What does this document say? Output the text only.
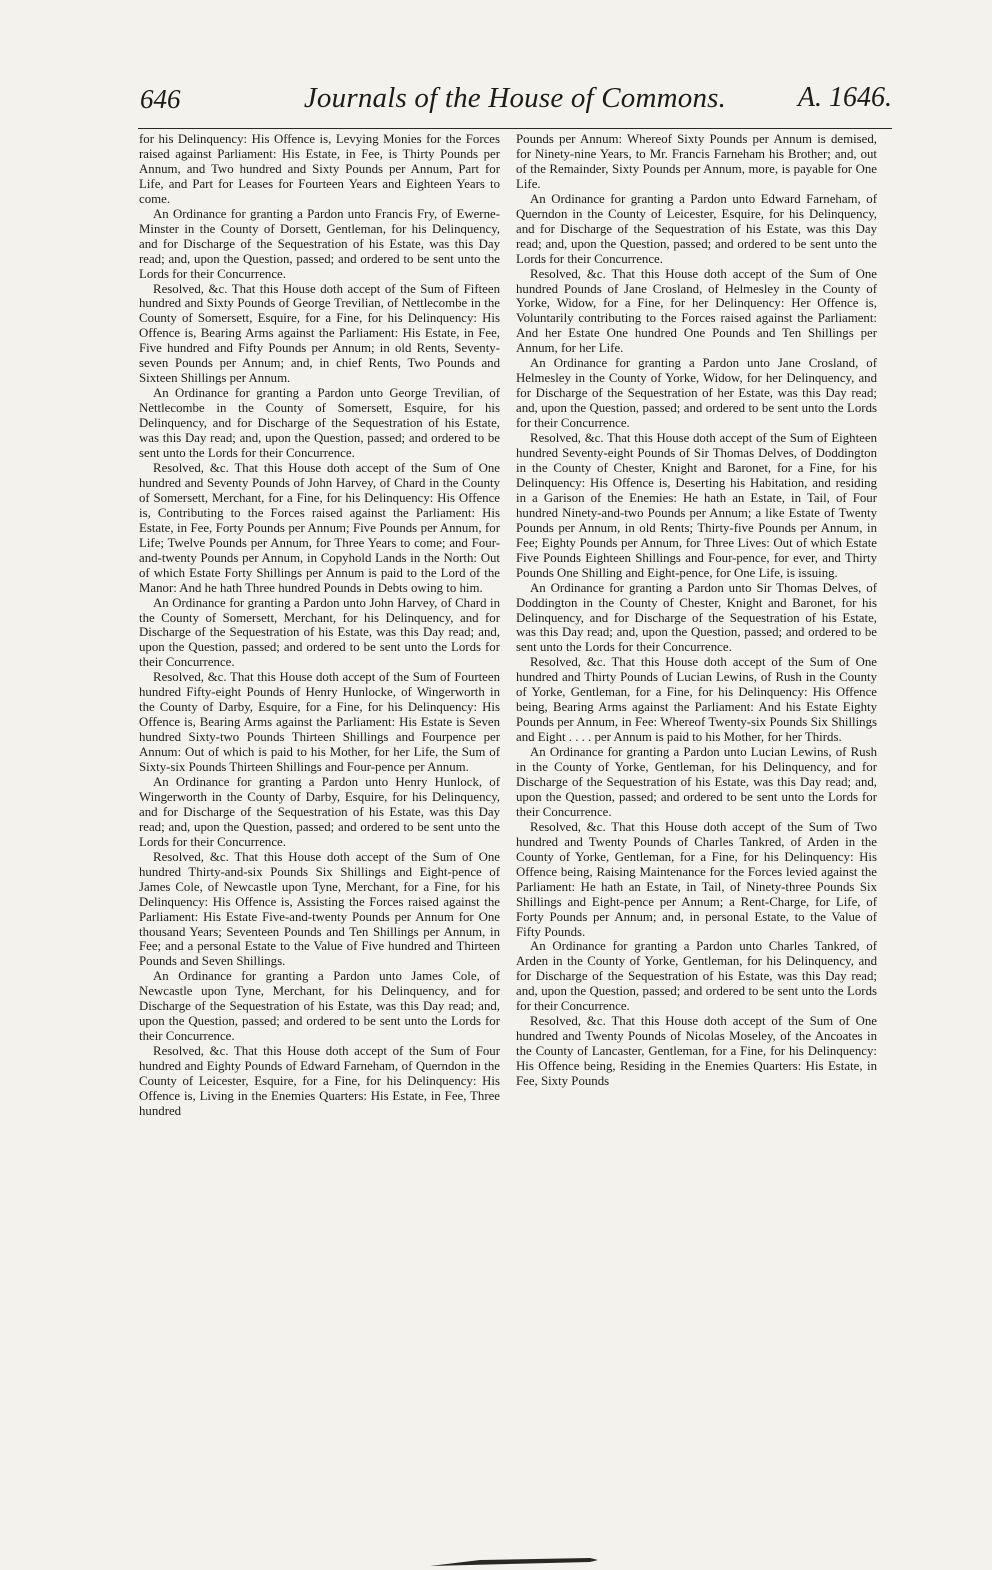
646	Journals of the House of Commons.	A. 1646.

for his Delinquency: His Offence is, Levying Monies for the Forces raised against Parliament: His Estate, in Fee, is Thirty Pounds per Annum, and Two hundred and Sixty Pounds per Annum, Part for Life, and Part for Leases for Fourteen Years and Eighteen Years to come.

An Ordinance for granting a Pardon unto Francis Fry, of Ewerne-Minster in the County of Dorsett, Gentleman, for his Delinquency, and for Discharge of the Sequestration of his Estate, was this Day read; and, upon the Question, passed; and ordered to be sent unto the Lords for their Concurrence.

Resolved, &c. That this House doth accept of the Sum of Fifteen hundred and Sixty Pounds of George Trevilian, of Nettlecombe in the County of Somersett, Esquire, for a Fine, for his Delinquency: His Offence is, Bearing Arms against the Parliament: His Estate, in Fee, Five hundred and Fifty Pounds per Annum; in old Rents, Seventy-seven Pounds per Annum; and, in chief Rents, Two Pounds and Sixteen Shillings per Annum.

An Ordinance for granting a Pardon unto George Trevilian, of Nettlecombe in the County of Somersett, Esquire, for his Delinquency, and for Discharge of the Sequestration of his Estate, was this Day read; and, upon the Question, passed; and ordered to be sent unto the Lords for their Concurrence.

Resolved, &c. That this House doth accept of the Sum of One hundred and Seventy Pounds of John Harvey, of Chard in the County of Somersett, Merchant, for a Fine, for his Delinquency: His Offence is, Contributing to the Forces raised against the Parliament: His Estate, in Fee, Forty Pounds per Annum; Five Pounds per Annum, for Life; Twelve Pounds per Annum, for Three Years to come; and Four-and-twenty Pounds per Annum, in Copyhold Lands in the North: Out of which Estate Forty Shillings per Annum is paid to the Lord of the Manor: And he hath Three hundred Pounds in Debts owing to him.

An Ordinance for granting a Pardon unto John Harvey, of Chard in the County of Somersett, Merchant, for his Delinquency, and for Discharge of the Sequestration of his Estate, was this Day read; and, upon the Question, passed; and ordered to be sent unto the Lords for their Concurrence.

Resolved, &c. That this House doth accept of the Sum of Fourteen hundred Fifty-eight Pounds of Henry Hunlocke, of Wingerworth in the County of Darby, Esquire, for a Fine, for his Delinquency: His Offence is, Bearing Arms against the Parliament: His Estate is Seven hundred Sixty-two Pounds Thirteen Shillings and Fourpence per Annum: Out of which is paid to his Mother, for her Life, the Sum of Sixty-six Pounds Thirteen Shillings and Four-pence per Annum.

An Ordinance for granting a Pardon unto Henry Hunlock, of Wingerworth in the County of Darby, Esquire, for his Delinquency, and for Discharge of the Sequestration of his Estate, was this Day read; and, upon the Question, passed; and ordered to be sent unto the Lords for their Concurrence.

Resolved, &c. That this House doth accept of the Sum of One hundred Thirty-and-six Pounds Six Shillings and Eight-pence of James Cole, of Newcastle upon Tyne, Merchant, for a Fine, for his Delinquency: His Offence is, Assisting the Forces raised against the Parliament: His Estate Five-and-twenty Pounds per Annum for One thousand Years; Seventeen Pounds and Ten Shillings per Annum, in Fee; and a personal Estate to the Value of Five hundred and Thirteen Pounds and Seven Shillings.

An Ordinance for granting a Pardon unto James Cole, of Newcastle upon Tyne, Merchant, for his Delinquency, and for Discharge of the Sequestration of his Estate, was this Day read; and, upon the Question, passed; and ordered to be sent unto the Lords for their Concurrence.

Resolved, &c. That this House doth accept of the Sum of Four hundred and Eighty Pounds of Edward Farneham, of Querndon in the County of Leicester, Esquire, for a Fine, for his Delinquency: His Offence is, Living in the Enemies Quarters: His Estate, in Fee, Three hundred

Pounds per Annum: Whereof Sixty Pounds per Annum is demised, for Ninety-nine Years, to Mr. Francis Farneham his Brother; and, out of the Remainder, Sixty Pounds per Annum, more, is payable for One Life.

An Ordinance for granting a Pardon unto Edward Farneham, of Querndon in the County of Leicester, Esquire, for his Delinquency, and for Discharge of the Sequestration of his Estate, was this Day read; and, upon the Question, passed; and ordered to be sent unto the Lords for their Concurrence.

Resolved, &c. That this House doth accept of the Sum of One hundred Pounds of Jane Crosland, of Helmesley in the County of Yorke, Widow, for a Fine, for her Delinquency: Her Offence is, Voluntarily contributing to the Forces raised against the Parliament: And her Estate One hundred One Pounds and Ten Shillings per Annum, for her Life.

An Ordinance for granting a Pardon unto Jane Crosland, of Helmesley in the County of Yorke, Widow, for her Delinquency, and for Discharge of the Sequestration of her Estate, was this Day read; and, upon the Question, passed; and ordered to be sent unto the Lords for their Concurrence.

Resolved, &c. That this House doth accept of the Sum of Eighteen hundred Seventy-eight Pounds of Sir Thomas Delves, of Doddington in the County of Chester, Knight and Baronet, for a Fine, for his Delinquency: His Offence is, Deserting his Habitation, and residing in a Garison of the Enemies: He hath an Estate, in Tail, of Four hundred Ninety-and-two Pounds per Annum; a like Estate of Twenty Pounds per Annum, in old Rents; Thirty-five Pounds per Annum, in Fee; Eighty Pounds per Annum, for Three Lives: Out of which Estate Five Pounds Eighteen Shillings and Four-pence, for ever, and Thirty Pounds One Shilling and Eight-pence, for One Life, is issuing.

An Ordinance for granting a Pardon unto Sir Thomas Delves, of Doddington in the County of Chester, Knight and Baronet, for his Delinquency, and for Discharge of the Sequestration of his Estate, was this Day read; and, upon the Question, passed; and ordered to be sent unto the Lords for their Concurrence.

Resolved, &c. That this House doth accept of the Sum of One hundred and Thirty Pounds of Lucian Lewins, of Rush in the County of Yorke, Gentleman, for a Fine, for his Delinquency: His Offence being, Bearing Arms against the Parliament: And his Estate Eighty Pounds per Annum, in Fee: Whereof Twenty-six Pounds Six Shillings and Eight . . . . per Annum is paid to his Mother, for her Thirds.

An Ordinance for granting a Pardon unto Lucian Lewins, of Rush in the County of Yorke, Gentleman, for his Delinquency, and for Discharge of the Sequestration of his Estate, was this Day read; and, upon the Question, passed; and ordered to be sent unto the Lords for their Concurrence.

Resolved, &c. That this House doth accept of the Sum of Two hundred and Twenty Pounds of Charles Tankred, of Arden in the County of Yorke, Gentleman, for a Fine, for his Delinquency: His Offence being, Raising Maintenance for the Forces levied against the Parliament: He hath an Estate, in Tail, of Ninety-three Pounds Six Shillings and Eight-pence per Annum; a Rent-Charge, for Life, of Forty Pounds per Annum; and, in personal Estate, to the Value of Fifty Pounds.

An Ordinance for granting a Pardon unto Charles Tankred, of Arden in the County of Yorke, Gentleman, for his Delinquency, and for Discharge of the Sequestration of his Estate, was this Day read; and, upon the Question, passed; and ordered to be sent unto the Lords for their Concurrence.

Resolved, &c. That this House doth accept of the Sum of One hundred and Twenty Pounds of Nicolas Moseley, of the Ancoates in the County of Lancaster, Gentleman, for a Fine, for his Delinquency: His Offence being, Residing in the Enemies Quarters: His Estate, in Fee, Sixty Pounds
